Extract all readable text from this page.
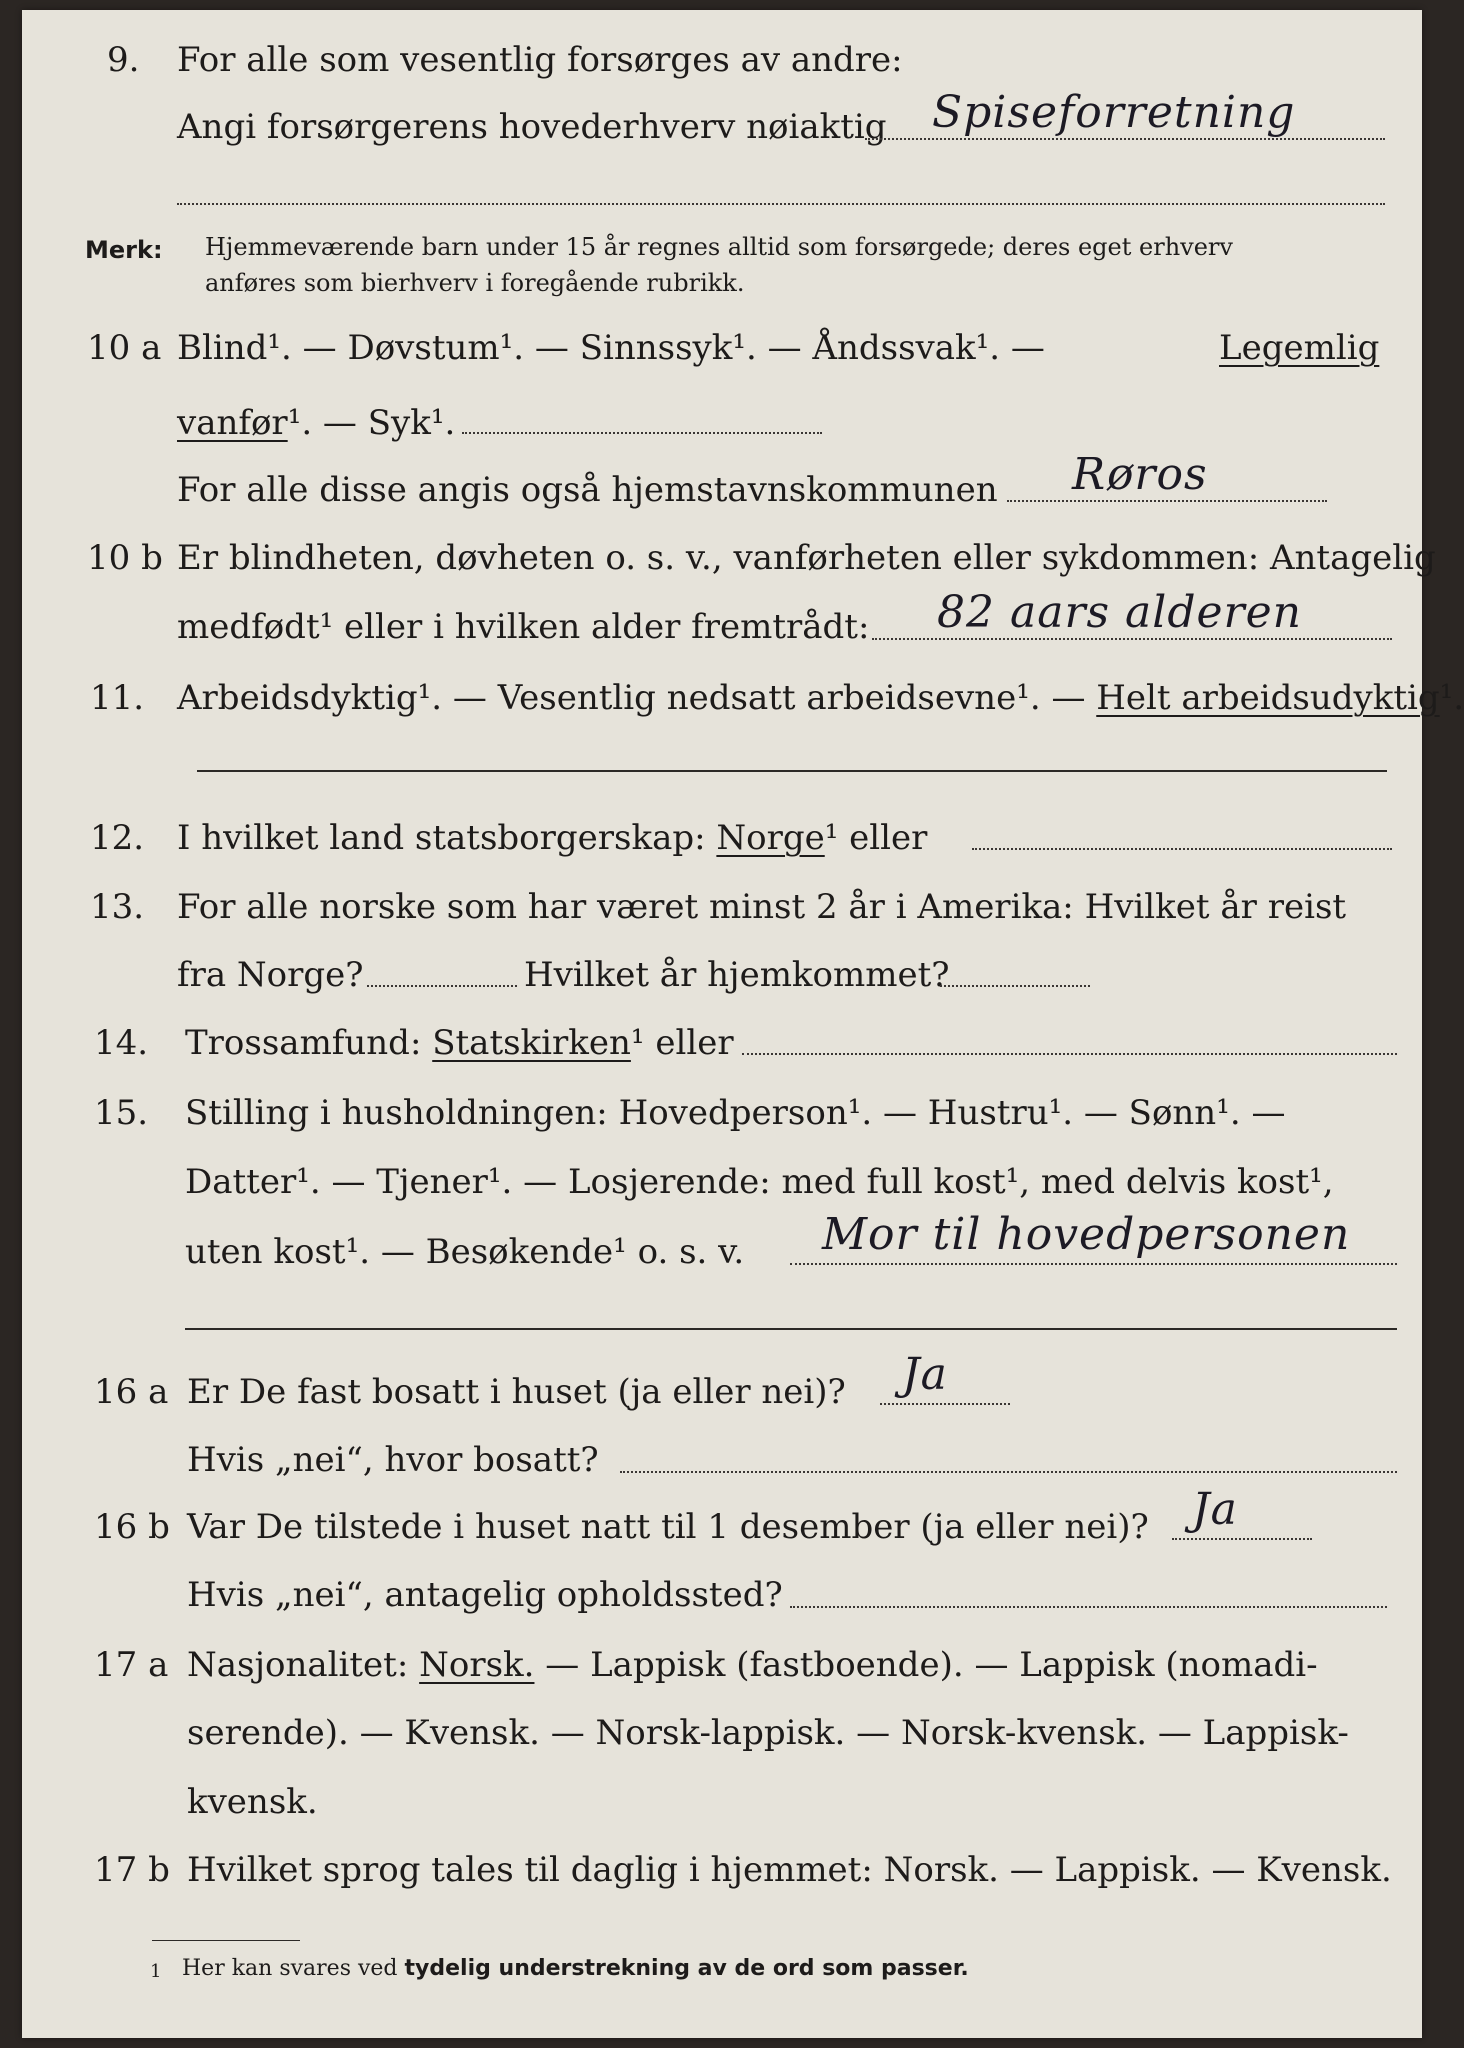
9. For alle som vesentlig forsørges av andre:
Angi forsørgerens hovederhverv nøiaktig Spiseforretning
Merk: Hjemmeværende barn under 15 år regnes alltid som forsørgede; deres eget erhverv
anføres som bierhverv i foregående rubrikk.
10 a Blind¹. — Døvstum¹. — Sinnssyk¹. — Åndssvak¹. —	Legemlig
vanfør¹. — Syk¹.
For alle disse angis også hjemstavnskommunen Røros
10 b Er blindheten, døvheten o. s. v., vanførheten eller sykdommen: Antagelig
medfødt¹ eller i hvilken alder fremtrådt: 82 aars alderen
11. Arbeidsdyktig¹. — Vesentlig nedsatt arbeidsevne¹. — Helt arbeidsudyktig¹.
12. I hvilket land statsborgerskap: Norge¹ eller
13. For alle norske som har været minst 2 år i Amerika: Hvilket år reist
fra Norge?	Hvilket år hjemkommet?
14. Trossamfund: Statskirken¹ eller
15. Stilling i husholdningen: Hovedperson¹. — Hustru¹. — Sønn¹. —
Datter¹. — Tjener¹. — Losjerende: med full kost¹, med delvis kost¹,
uten kost¹. — Besøkende¹ o. s. v. Mor til hovedpersonen
16 a Er De fast bosatt i huset (ja eller nei)? Ja
Hvis „nei“, hvor bosatt?
16 b Var De tilstede i huset natt til 1 desember (ja eller nei)? Ja
Hvis „nei“, antagelig opholdssted?
17 a Nasjonalitet: Norsk. — Lappisk (fastboende). — Lappisk (nomadi-
serende). — Kvensk. — Norsk-lappisk. — Norsk-kvensk. — Lappisk-
kvensk.
17 b Hvilket sprog tales til daglig i hjemmet: Norsk. — Lappisk. — Kvensk.
1 Her kan svares ved tydelig understrekning av de ord som passer.
